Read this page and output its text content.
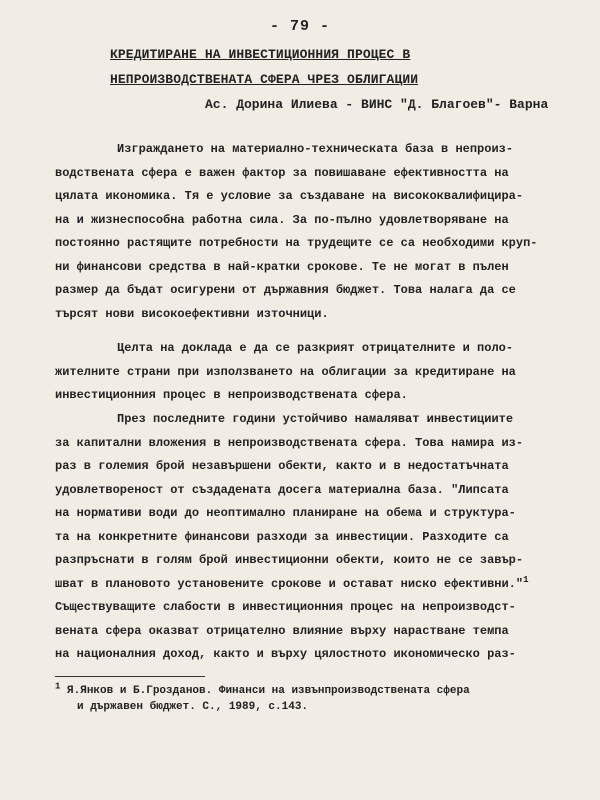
- 79 -
КРЕДИТИРАНЕ НА ИНВЕСТИЦИОННИЯ ПРОЦЕС В
НЕПРОИЗВОДСТВЕНАТА СФЕРА ЧРЕЗ ОБЛИГАЦИИ
Ас. Дорина Илиева - ВИНС "Д. Благоев"- Варна
Изграждането на материално-техническата база в непроиз-
водствената сфера е важен фактор за повишаване ефективността на
цялата икономика. Тя е условие за създаване на висококвалифицира-
на и жизнеспособна работна сила. За по-пълно удовлетворяване на
постоянно растящите потребности на трудещите се са необходими круп-
ни финансови средства в най-кратки срокове. Те не могат в пълен
размер да бъдат осигурени от държавния бюджет. Това налага да се
търсят нови високоефективни източници.
Целта на доклада е да се разкрият отрицателните и поло-
жителните страни при използването на облигации за кредитиране на
инвестиционния процес в непроизводствената сфера.
През последните години устойчиво намаляват инвестициите
за капитални вложения в непроизводствената сфера. Това намира из-
раз в големия брой незавършени обекти, както и в недостатъчната
удовлетвореност от създадената досега материална база. "Липсата
на нормативи води до неоптимално планиране на обема и структура-
та на конкретните финансови разходи за инвестиции. Разходите са
разпръснати в голям брой инвестиционни обекти, които не се завър-
шват в плановото установените срокове и остават ниско ефективни."$^1$
Съществуващите слабости в инвестиционния процес на непроизводст-
вената сфера оказват отрицателно влияние върху нарастване темпа
на националния доход, както и върху цялостното икономическо раз-
$^1$ Я.Янков и Б.Грозданов. Финанси на извънпроизводствената сфера
и държавен бюджет. С., 1989, с.143.
